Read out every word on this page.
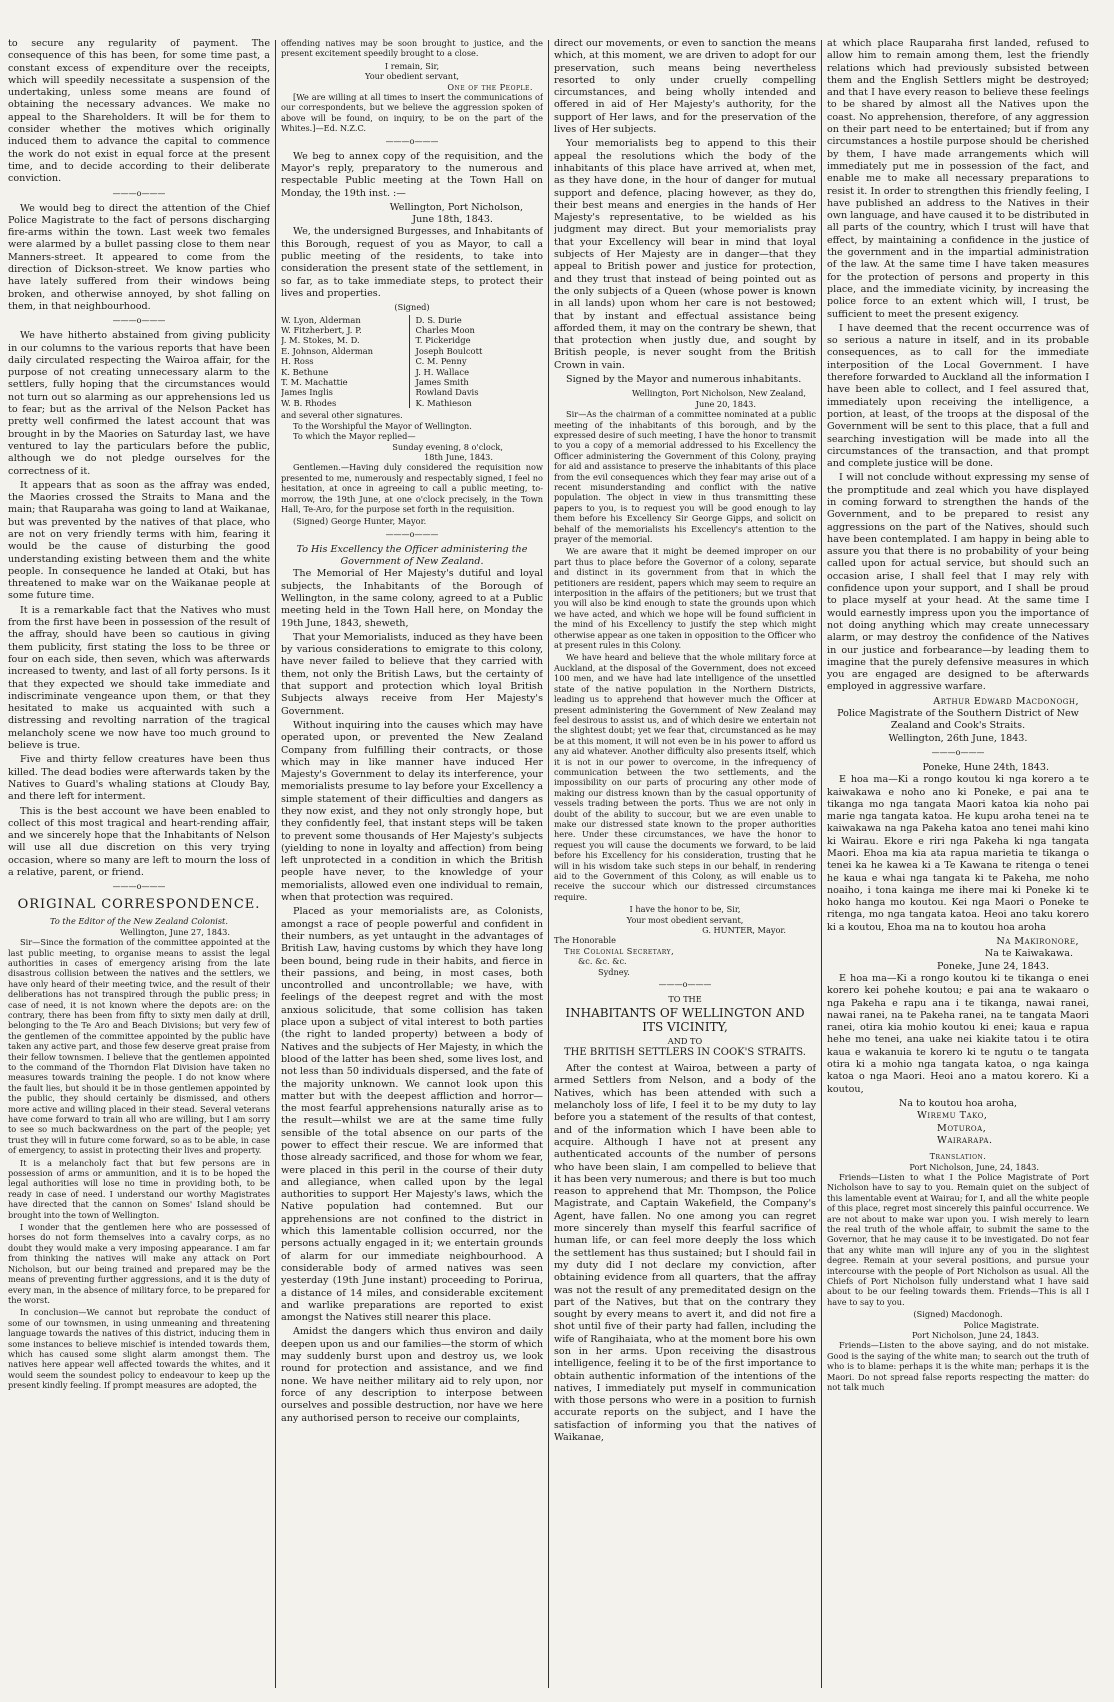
to secure any regularity of payment. The consequence of this has been, for some time past, a constant excess of expenditure over the receipts, which will speedily necessitate a suspension of the undertaking, unless some means are found of obtaining the necessary advances. We make no appeal to the Shareholders. It will be for them to consider whether the motives which originally induced them to advance the capital to commence the work do not exist in equal force at the present time, and to decide according to their deliberate conviction.

———o———

We would beg to direct the attention of the Chief Police Magistrate to the fact of persons discharging fire-arms within the town. Last week two females were alarmed by a bullet passing close to them near Manners-street. It appeared to come from the direction of Dickson-street. We know parties who have lately suffered from their windows being broken, and otherwise annoyed, by shot falling on them, in that neighbourhood.

———o———

We have hitherto abstained from giving publicity in our columns to the various reports that have been daily circulated respecting the Wairoa affair, for the purpose of not creating unnecessary alarm to the settlers, fully hoping that the circumstances would not turn out so alarming as our apprehensions led us to fear; but as the arrival of the Nelson Packet has pretty well confirmed the latest account that was brought in by the Maories on Saturday last, we have ventured to lay the particulars before the public, although we do not pledge ourselves for the correctness of it.

It appears that as soon as the affray was ended, the Maories crossed the Straits to Mana and the main; that Rauparaha was going to land at Waikanae, but was prevented by the natives of that place, who are not on very friendly terms with him, fearing it would be the cause of disturbing the good understanding existing between them and the white people. In consequence he landed at Otaki, but has threatened to make war on the Waikanae people at some future time.

It is a remarkable fact that the Natives who must from the first have been in possession of the result of the affray, should have been so cautious in giving them publicity, first stating the loss to be three or four on each side, then seven, which was afterwards increased to twenty, and last of all forty persons. Is it that they expected we should take immediate and indiscriminate vengeance upon them, or that they hesitated to make us acquainted with such a distressing and revolting narration of the tragical melancholy scene we now have too much ground to believe is true.

Five and thirty fellow creatures have been thus killed. The dead bodies were afterwards taken by the Natives to Guard's whaling stations at Cloudy Bay, and there left for interment.

This is the best account we have been enabled to collect of this most tragical and heart-rending affair, and we sincerely hope that the Inhabitants of Nelson will use all due discretion on this very trying occasion, where so many are left to mourn the loss of a relative, parent, or friend.

———o———
ORIGINAL CORRESPONDENCE.
To the Editor of the New Zealand Colonist.
Wellington, June 27, 1843.

Sir—Since the formation of the committee appointed at the last public meeting, to organise means to assist the legal authorities in cases of emergency arising from the late disastrous collision between the natives and the settlers, we have only heard of their meeting twice, and the result of their deliberations has not transpired through the public press; in case of need, it is not known where the depots are: on the contrary, there has been from fifty to sixty men daily at drill, belonging to the Te Aro and Beach Divisions; but very few of the gentlemen of the committee appointed by the public have taken any active part, and those few deserve great praise from their fellow townsmen. I believe that the gentlemen appointed to the command of the Thorndon Flat Division have taken no measures towards training the people. I do not know where the fault lies, but should it be in those gentlemen appointed by the public, they should certainly be dismissed, and others more active and willing placed in their stead. Several veterans have come forward to train all who are willing, but I am sorry to see so much backwardness on the part of the people; yet trust they will in future come forward, so as to be able, in case of emergency, to assist in protecting their lives and property.

It is a melancholy fact that but few persons are in possession of arms or ammunition, and it is to be hoped the legal authorities will lose no time in providing both, to be ready in case of need. I understand our worthy Magistrates have directed that the cannon on Somes' Island should be brought into the town of Wellington.

I wonder that the gentlemen here who are possessed of horses do not form themselves into a cavalry corps, as no doubt they would make a very imposing appearance. I am far from thinking the natives will make any attack on Port Nicholson, but our being trained and prepared may be the means of preventing further aggressions, and it is the duty of every man, in the absence of military force, to be prepared for the worst.

In conclusion—We cannot but reprobate the conduct of some of our townsmen, in using unmeaning and threatening language towards the natives of this district, inducing them in some instances to believe mischief is intended towards them, which has caused some slight alarm amongst them. The natives here appear well affected towards the whites, and it would seem the soundest policy to endeavour to keep up the present kindly feeling. If prompt measures are adopted, the

offending natives may be soon brought to justice, and the present excitement speedily brought to a close.

I remain, Sir,
Your obedient servant,
One of the People.

[We are willing at all times to insert the communications of our correspondents, but we believe the aggression spoken of above will be found, on inquiry, to be on the part of the Whites.]—Ed. N.Z.C.

———o———

We beg to annex copy of the requisition, and the Mayor's reply, preparatory to the numerous and respectable Public meeting at the Town Hall on Monday, the 19th inst. :—

Wellington, Port Nicholson,
June 18th, 1843.

We, the undersigned Burgesses, and Inhabitants of this Borough, request of you as Mayor, to call a public meeting of the residents, to take into consideration the present state of the settlement, in so far, as to take immediate steps, to protect their lives and properties.

(Signed)
W. Lyon, Alderman
W. Fitzherbert, J. P.
J. M. Stokes, M. D.
E. Johnson, Alderman
H. Ross
K. Bethune
T. M. Machattie
James Inglis
W. B. Rhodes
D. S. Durie
Charles Moon
T. Pickeridge
Joseph Boulcott
C. M. Penny
J. H. Wallace
James Smith
Rowland Davis
K. Mathieson
and several other signatures.
To the Worshipful the Mayor of Wellington.
To which the Mayor replied—
Sunday evening, 8 o'clock,
18th June, 1843.

Gentlemen.—Having duly considered the requisition now presented to me, numerously and respectably signed, I feel no hesitation, at once in agreeing to call a public meeting, to-morrow, the 19th June, at one o'clock precisely, in the Town Hall, Te-Aro, for the purpose set forth in the requisition.

(Signed) George Hunter, Mayor.
———o———
To His Excellency the Officer administering the Government of New Zealand.

The Memorial of Her Majesty's dutiful and loyal subjects, the Inhabitants of the Borough of Wellington, in the same colony, agreed to at a Public meeting held in the Town Hall here, on Monday the 19th June, 1843, sheweth,

That your Memorialists, induced as they have been by various considerations to emigrate to this colony, have never failed to believe that they carried with them, not only the British Laws, but the certainty of that support and protection which loyal British Subjects always receive from Her Majesty's Government.

Without inquiring into the causes which may have operated upon, or prevented the New Zealand Company from fulfilling their contracts, or those which may in like manner have induced Her Majesty's Government to delay its interference, your memorialists presume to lay before your Excellency a simple statement of their difficulties and dangers as they now exist, and they not only strongly hope, but they confidently feel, that instant steps will be taken to prevent some thousands of Her Majesty's subjects (yielding to none in loyalty and affection) from being left unprotected in a condition in which the British people have never, to the knowledge of your memorialists, allowed even one individual to remain, when that protection was required.

Placed as your memorialists are, as Colonists, amongst a race of people powerful and confident in their numbers, as yet untaught in the advantages of British Law, having customs by which they have long been bound, being rude in their habits, and fierce in their passions, and being, in most cases, both uncontrolled and uncontrollable; we have, with feelings of the deepest regret and with the most anxious solicitude, that some collision has taken place upon a subject of vital interest to both parties (the right to landed property) between a body of Natives and the subjects of Her Majesty, in which the blood of the latter has been shed, some lives lost, and not less than 50 individuals dispersed, and the fate of the majority unknown. We cannot look upon this matter but with the deepest affliction and horror—the most fearful apprehensions naturally arise as to the result—whilst we are at the same time fully sensible of the total absence on our parts of the power to effect their rescue. We are informed that those already sacrificed, and those for whom we fear, were placed in this peril in the course of their duty and allegiance, when called upon by the legal authorities to support Her Majesty's laws, which the Native population had contemned. But our apprehensions are not confined to the district in which this lamentable collision occurred, nor the persons actually engaged in it; we entertain grounds of alarm for our immediate neighbourhood. A considerable body of armed natives was seen yesterday (19th June instant) proceeding to Porirua, a distance of 14 miles, and considerable excitement and warlike preparations are reported to exist amongst the Natives still nearer this place.

Amidst the dangers which thus environ and daily deepen upon us and our families—the storm of which may suddenly burst upon and destroy us, we look round for protection and assistance, and we find none. We have neither military aid to rely upon, nor force of any description to interpose between ourselves and possible destruction, nor have we here any authorised person to receive our complaints,

direct our movements, or even to sanction the means which, at this moment, we are driven to adopt for our preservation, such means being nevertheless resorted to only under cruelly compelling circumstances, and being wholly intended and offered in aid of Her Majesty's authority, for the support of Her laws, and for the preservation of the lives of Her subjects.

Your memorialists beg to append to this their appeal the resolutions which the body of the inhabitants of this place have arrived at, when met, as they have done, in the hour of danger for mutual support and defence, placing however, as they do, their best means and energies in the hands of Her Majesty's representative, to be wielded as his judgment may direct. But your memorialists pray that your Excellency will bear in mind that loyal subjects of Her Majesty are in danger—that they appeal to British power and justice for protection, and they trust that instead of being pointed out as the only subjects of a Queen (whose power is known in all lands) upon whom her care is not bestowed; that by instant and effectual assistance being afforded them, it may on the contrary be shewn, that that protection when justly due, and sought by British people, is never sought from the British Crown in vain.

Signed by the Mayor and numerous inhabitants.

Wellington, Port Nicholson, New Zealand,
June 20, 1843.

Sir—As the chairman of a committee nominated at a public meeting of the inhabitants of this borough, and by the expressed desire of such meeting, I have the honor to transmit to you a copy of a memorial addressed to his Excellency the Officer administering the Government of this Colony, praying for aid and assistance to preserve the inhabitants of this place from the evil consequences which they fear may arise out of a recent misunderstanding and conflict with the native population. The object in view in thus transmitting these papers to you, is to request you will be good enough to lay them before his Excellency Sir George Gipps, and solicit on behalf of the memorialists his Excellency's attention to the prayer of the memorial.

We are aware that it might be deemed improper on our part thus to place before the Governor of a colony, separate and distinct in its government from that in which the petitioners are resident, papers which may seem to require an interposition in the affairs of the petitioners; but we trust that you will also be kind enough to state the grounds upon which we have acted, and which we hope will be found sufficient in the mind of his Excellency to justify the step which might otherwise appear as one taken in opposition to the Officer who at present rules in this Colony.

We have heard and believe that the whole military force at Auckland, at the disposal of the Government, does not exceed 100 men, and we have had late intelligence of the unsettled state of the native population in the Northern Districts, leading us to apprehend that however much the Officer at present administering the Government of New Zealand may feel desirous to assist us, and of which desire we entertain not the slightest doubt; yet we fear that, circumstanced as he may be at this moment, it will not even be in his power to afford us any aid whatever. Another difficulty also presents itself, which it is not in our power to overcome, in the infrequency of communication between the two settlements, and the impossibility on our parts of procuring any other mode of making our distress known than by the casual opportunity of vessels trading between the ports. Thus we are not only in doubt of the ability to succour, but we are even unable to make our distressed state known to the proper authorities here. Under these circumstances, we have the honor to request you will cause the documents we forward, to be laid before his Excellency for his consideration, trusting that he will in his wisdom take such steps in our behalf, in rendering aid to the Government of this Colony, as will enable us to receive the succour which our distressed circumstances require.

I have the honor to be, Sir,
Your most obedient servant,
G. HUNTER, Mayor.
The Honorable
The Colonial Secretary,
&c. &c. &c.
Sydney.
———o———
TO THE
INHABITANTS OF WELLINGTON AND ITS VICINITY,
AND TO
THE BRITISH SETTLERS IN COOK'S STRAITS.

After the contest at Wairoa, between a party of armed Settlers from Nelson, and a body of the Natives, which has been attended with such a melancholy loss of life, I feel it to be my duty to lay before you a statement of the results of that contest, and of the information which I have been able to acquire. Although I have not at present any authenticated accounts of the number of persons who have been slain, I am compelled to believe that it has been very numerous; and there is but too much reason to apprehend that Mr. Thompson, the Police Magistrate, and Captain Wakefield, the Company's Agent, have fallen. No one among you can regret more sincerely than myself this fearful sacrifice of human life, or can feel more deeply the loss which the settlement has thus sustained; but I should fail in my duty did I not declare my conviction, after obtaining evidence from all quarters, that the affray was not the result of any premeditated design on the part of the Natives, but that on the contrary they sought by every means to avert it, and did not fire a shot until five of their party had fallen, including the wife of Rangihaiata, who at the moment bore his own son in her arms. Upon receiving the disastrous intelligence, feeling it to be of the first importance to obtain authentic information of the intentions of the natives, I immediately put myself in communication with those persons who were in a position to furnish accurate reports on the subject, and I have the satisfaction of informing you that the natives of Waikanae,

at which place Rauparaha first landed, refused to allow him to remain among them, lest the friendly relations which had previously subsisted between them and the English Settlers might be destroyed; and that I have every reason to believe these feelings to be shared by almost all the Natives upon the coast. No apprehension, therefore, of any aggression on their part need to be entertained; but if from any circumstances a hostile purpose should be cherished by them, I have made arrangements which will immediately put me in possession of the fact, and enable me to make all necessary preparations to resist it. In order to strengthen this friendly feeling, I have published an address to the Natives in their own language, and have caused it to be distributed in all parts of the country, which I trust will have that effect, by maintaining a confidence in the justice of the government and in the impartial administration of the law. At the same time I have taken measures for the protection of persons and property in this place, and the immediate vicinity, by increasing the police force to an extent which will, I trust, be sufficient to meet the present exigency.

I have deemed that the recent occurrence was of so serious a nature in itself, and in its probable consequences, as to call for the immediate interposition of the Local Government. I have therefore forwarded to Auckland all the information I have been able to collect, and I feel assured that, immediately upon receiving the intelligence, a portion, at least, of the troops at the disposal of the Government will be sent to this place, that a full and searching investigation will be made into all the circumstances of the transaction, and that prompt and complete justice will be done.

I will not conclude without expressing my sense of the promptitude and zeal which you have displayed in coming forward to strengthen the hands of the Government, and to be prepared to resist any aggressions on the part of the Natives, should such have been contemplated. I am happy in being able to assure you that there is no probability of your being called upon for actual service, but should such an occasion arise, I shall feel that I may rely with confidence upon your support, and I shall be proud to place myself at your head. At the same time I would earnestly impress upon you the importance of not doing anything which may create unnecessary alarm, or may destroy the confidence of the Natives in our justice and forbearance—by leading them to imagine that the purely defensive measures in which you are engaged are designed to be afterwards employed in aggressive warfare.

Arthur Edward Macdonogh,
Police Magistrate of the Southern District of New Zealand and Cook's Straits.
Wellington, 26th June, 1843.
———o———
Poneke, Hune 24th, 1843.

E hoa ma—Ki a rongo koutou ki nga korero a te kaiwakawa e noho ano ki Poneke, e pai ana te tikanga mo nga tangata Maori katoa kia noho pai marie nga tangata katoa. He kupu aroha tenei na te kaiwakawa na nga Pakeha katoa ano tenei mahi kino ki Wairau. Ekore e riri nga Pakeha ki nga tangata Maori. Ehoa ma kia ata rapua marietia te tikanga o tenei ka he kawea ki a Te Kawana te ritenga o tenei he kaua e whai nga tangata ki te Pakeha, me noho noaiho, i tona kainga me ihere mai ki Poneke ki te hoko hanga mo koutou. Kei nga Maori o Poneke te ritenga, mo nga tangata katoa. Heoi ano taku korero ki a koutou, Ehoa ma na to koutou hoa aroha

Na Makironore,
Na te Kaiwakawa.
Poneke, June 24, 1843.

E hoa ma—Ki a rongo koutou ki te tikanga o enei korero kei pohehe koutou; e pai ana te wakaaro o nga Pakeha e rapu ana i te tikanga, nawai ranei, nawai ranei, na te Pakeha ranei, na te tangata Maori ranei, otira kia mohio koutou ki enei; kaua e rapua hehe mo tenei, ana uake nei kiakite tatou i te otira kaua e wakanuia te korero ki te ngutu o te tangata otira ki a mohio nga tangata katoa, o nga kainga katoa o nga Maori. Heoi ano a matou korero. Ki a koutou,

Na to koutou hoa aroha,
Wiremu Tako,
Moturoa,
Wairarapa.
Translation.
Port Nicholson, June, 24, 1843.

Friends—Listen to what I the Police Magistrate of Port Nicholson have to say to you. Remain quiet on the subject of this lamentable event at Wairau; for I, and all the white people of this place, regret most sincerely this painful occurrence. We are not about to make war upon you. I wish merely to learn the real truth of the whole affair, to submit the same to the Governor, that he may cause it to be investigated. Do not fear that any white man will injure any of you in the slightest degree. Remain at your several positions, and pursue your intercourse with the people of Port Nicholson as usual. All the Chiefs of Port Nicholson fully understand what I have said about to be our feeling towards them. Friends—This is all I have to say to you.

(Signed) Macdonogh.
Police Magistrate.
Port Nicholson, June 24, 1843.

Friends—Listen to the above saying, and do not mistake. Good is the saying of the white man; to search out the truth of who is to blame: perhaps it is the white man; perhaps it is the Maori. Do not spread false reports respecting the matter: do not talk much
